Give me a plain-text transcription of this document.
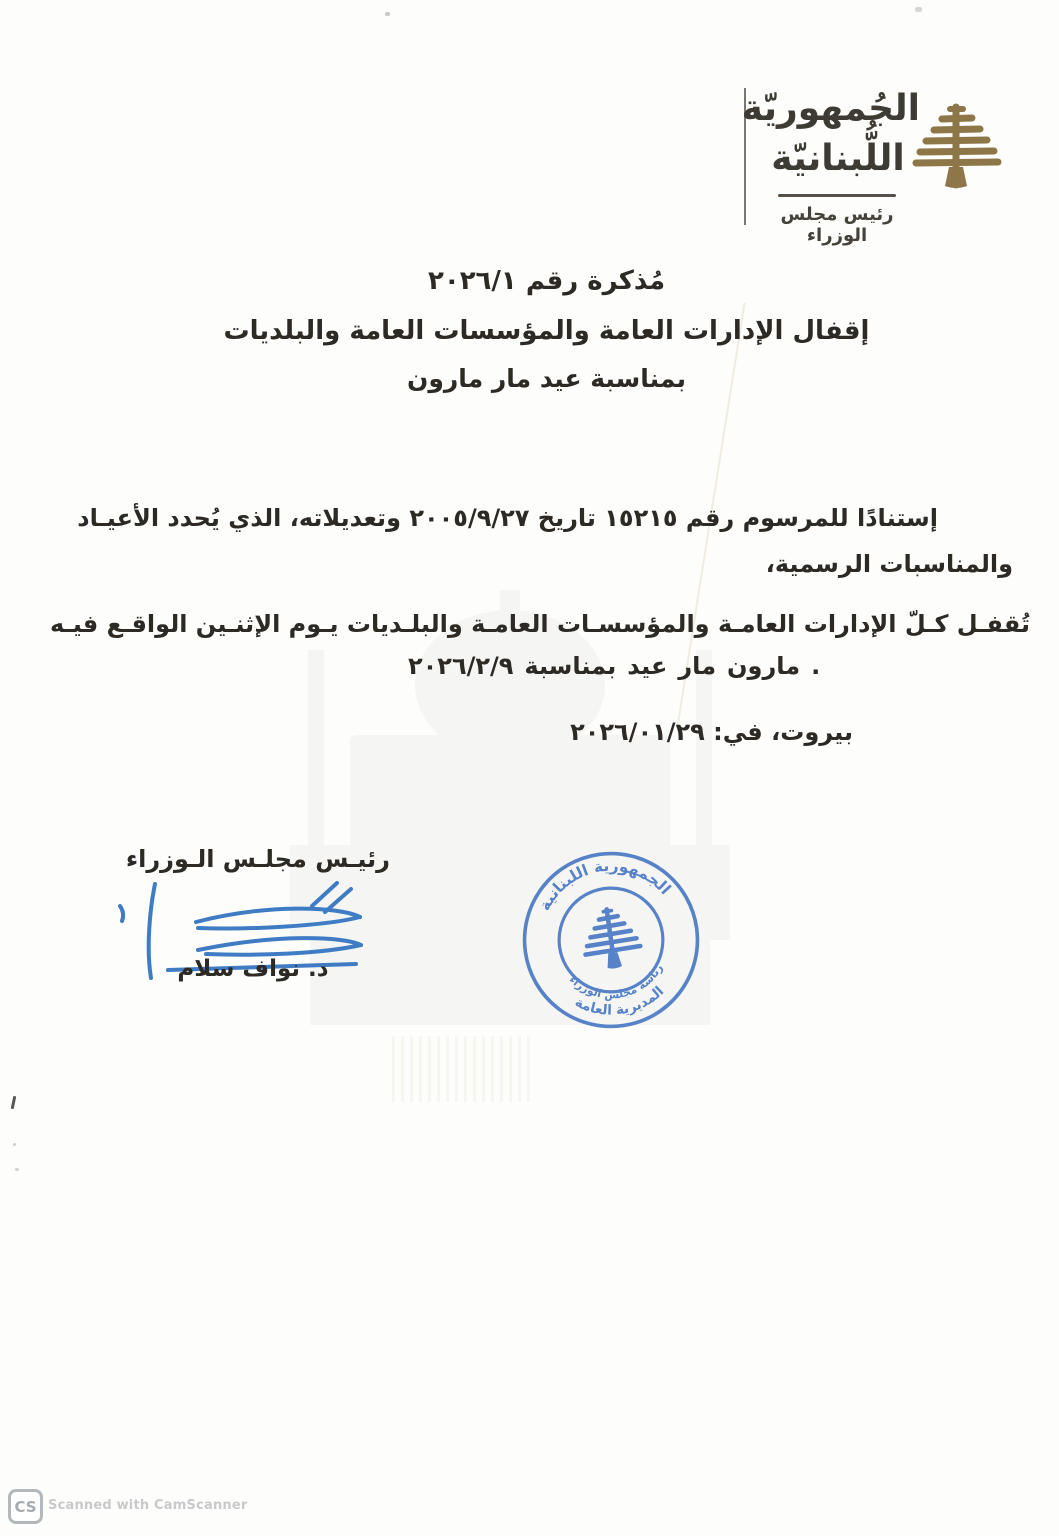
الجُمهوريّة
اللُّبنانيّة
رئيس مجلس الوزراء
مُذكرة رقم ٢٠٢٦/١
إقفال الإدارات العامة والمؤسسات العامة والبلديات
بمناسبة عيد مار مارون
إستنادًا للمرسوم رقم ١٥٢١٥ تاريخ ٢٠٠٥/٩/٢٧ وتعديلاته، الذي يُحدد الأعيـاد
والمناسبات الرسمية،
تُقفـل كـلّ الإدارات العامـة والمؤسسـات العامـة والبلـديات يـوم الإثنـين الواقـع فيـه
٢٠٢٦/٢/٩ بمناسبة عيد مار مارون .
بيروت، في: ٢٠٢٦/٠١/٢٩
رئيـس مجلـس الـوزراء
د. نواف سلام
الجمهورية اللبنانية
رئاسة مجلس الوزراء
المديرية العامة
CS Scanned with CamScanner
